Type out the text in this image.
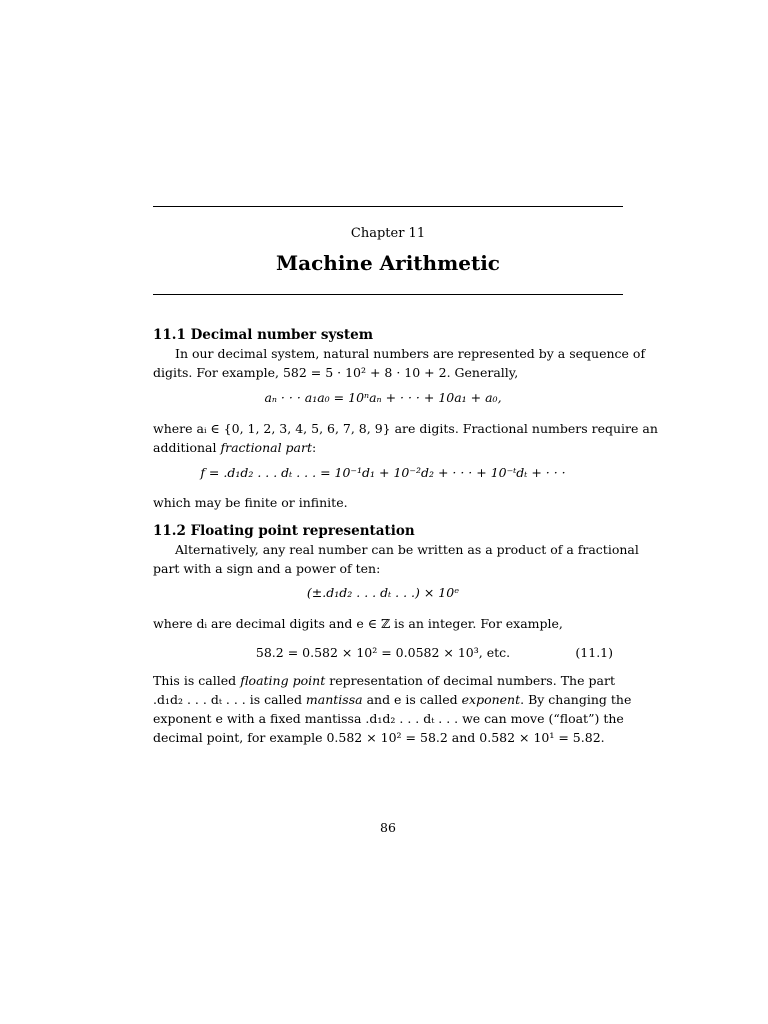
Chapter 11
Machine Arithmetic
11.1 Decimal number system
In our decimal system, natural numbers are represented by a sequence of
digits. For example, 582 = 5 · 10² + 8 · 10 + 2. Generally,
aₙ · · · a₁a₀ = 10ⁿaₙ + · · · + 10a₁ + a₀,
where aᵢ ∈ {0, 1, 2, 3, 4, 5, 6, 7, 8, 9} are digits. Fractional numbers require an
additional fractional part:
f = .d₁d₂ . . . dₜ . . . = 10⁻¹d₁ + 10⁻²d₂ + · · · + 10⁻ᵗdₜ + · · ·
which may be finite or infinite.
11.2 Floating point representation
Alternatively, any real number can be written as a product of a fractional
part with a sign and a power of ten:
(±.d₁d₂ . . . dₜ . . .) × 10ᵉ
where dᵢ are decimal digits and e ∈ ℤ is an integer. For example,
58.2 = 0.582 × 10² = 0.0582 × 10³, etc.	(11.1)
This is called floating point representation of decimal numbers. The part
.d₁d₂ . . . dₜ . . . is called mantissa and e is called exponent. By changing the
exponent e with a fixed mantissa .d₁d₂ . . . dₜ . . . we can move (“float”) the
decimal point, for example 0.582 × 10² = 58.2 and 0.582 × 10¹ = 5.82.
86
